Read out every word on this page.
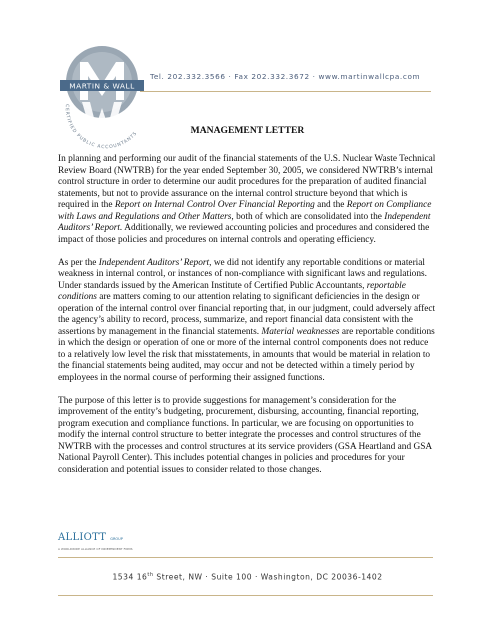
MARTIN & WALL
CERTIFIED PUBLIC ACCOUNTANTS
Tel. 202.332.3566 · Fax 202.332.3672 · www.martinwallcpa.com
MANAGEMENT LETTER

In planning and performing our audit of the financial statements of the U.S. Nuclear Waste Technical Review Board (NWTRB) for the year ended September 30, 2005, we considered NWTRB’s internal control structure in order to determine our audit procedures for the preparation of audited financial statements, but not to provide assurance on the internal control structure beyond that which is required in the Report on Internal Control Over Financial Reporting and the Report on Compliance with Laws and Regulations and Other Matters, both of which are consolidated into the Independent Auditors’ Report. Additionally, we reviewed accounting policies and procedures and considered the impact of those policies and procedures on internal controls and operating efficiency.

As per the Independent Auditors’ Report, we did not identify any reportable conditions or material weakness in internal control, or instances of non-compliance with significant laws and regulations. Under standards issued by the American Institute of Certified Public Accountants, reportable conditions are matters coming to our attention relating to significant deficiencies in the design or operation of the internal control over financial reporting that, in our judgment, could adversely affect the agency’s ability to record, process, summarize, and report financial data consistent with the assertions by management in the financial statements. Material weaknesses are reportable conditions in which the design or operation of one or more of the internal control components does not reduce to a relatively low level the risk that misstatements, in amounts that would be material in relation to the financial statements being audited, may occur and not be detected within a timely period by employees in the normal course of performing their assigned functions.

The purpose of this letter is to provide suggestions for management’s consideration for the improvement of the entity’s budgeting, procurement, disbursing, accounting, financial reporting, program execution and compliance functions. In particular, we are focusing on opportunities to modify the internal control structure to better integrate the processes and control structures of the NWTRB with the processes and control structures at its service providers (GSA Heartland and GSA National Payroll Center). This includes potential changes in policies and procedures for your consideration and potential issues to consider related to those changes.

ALLIOTT GROUP
A WORLDWIDE ALLIANCE OF INDEPENDENT FIRMS
1534 16th Street, NW · Suite 100 · Washington, DC 20036-1402
